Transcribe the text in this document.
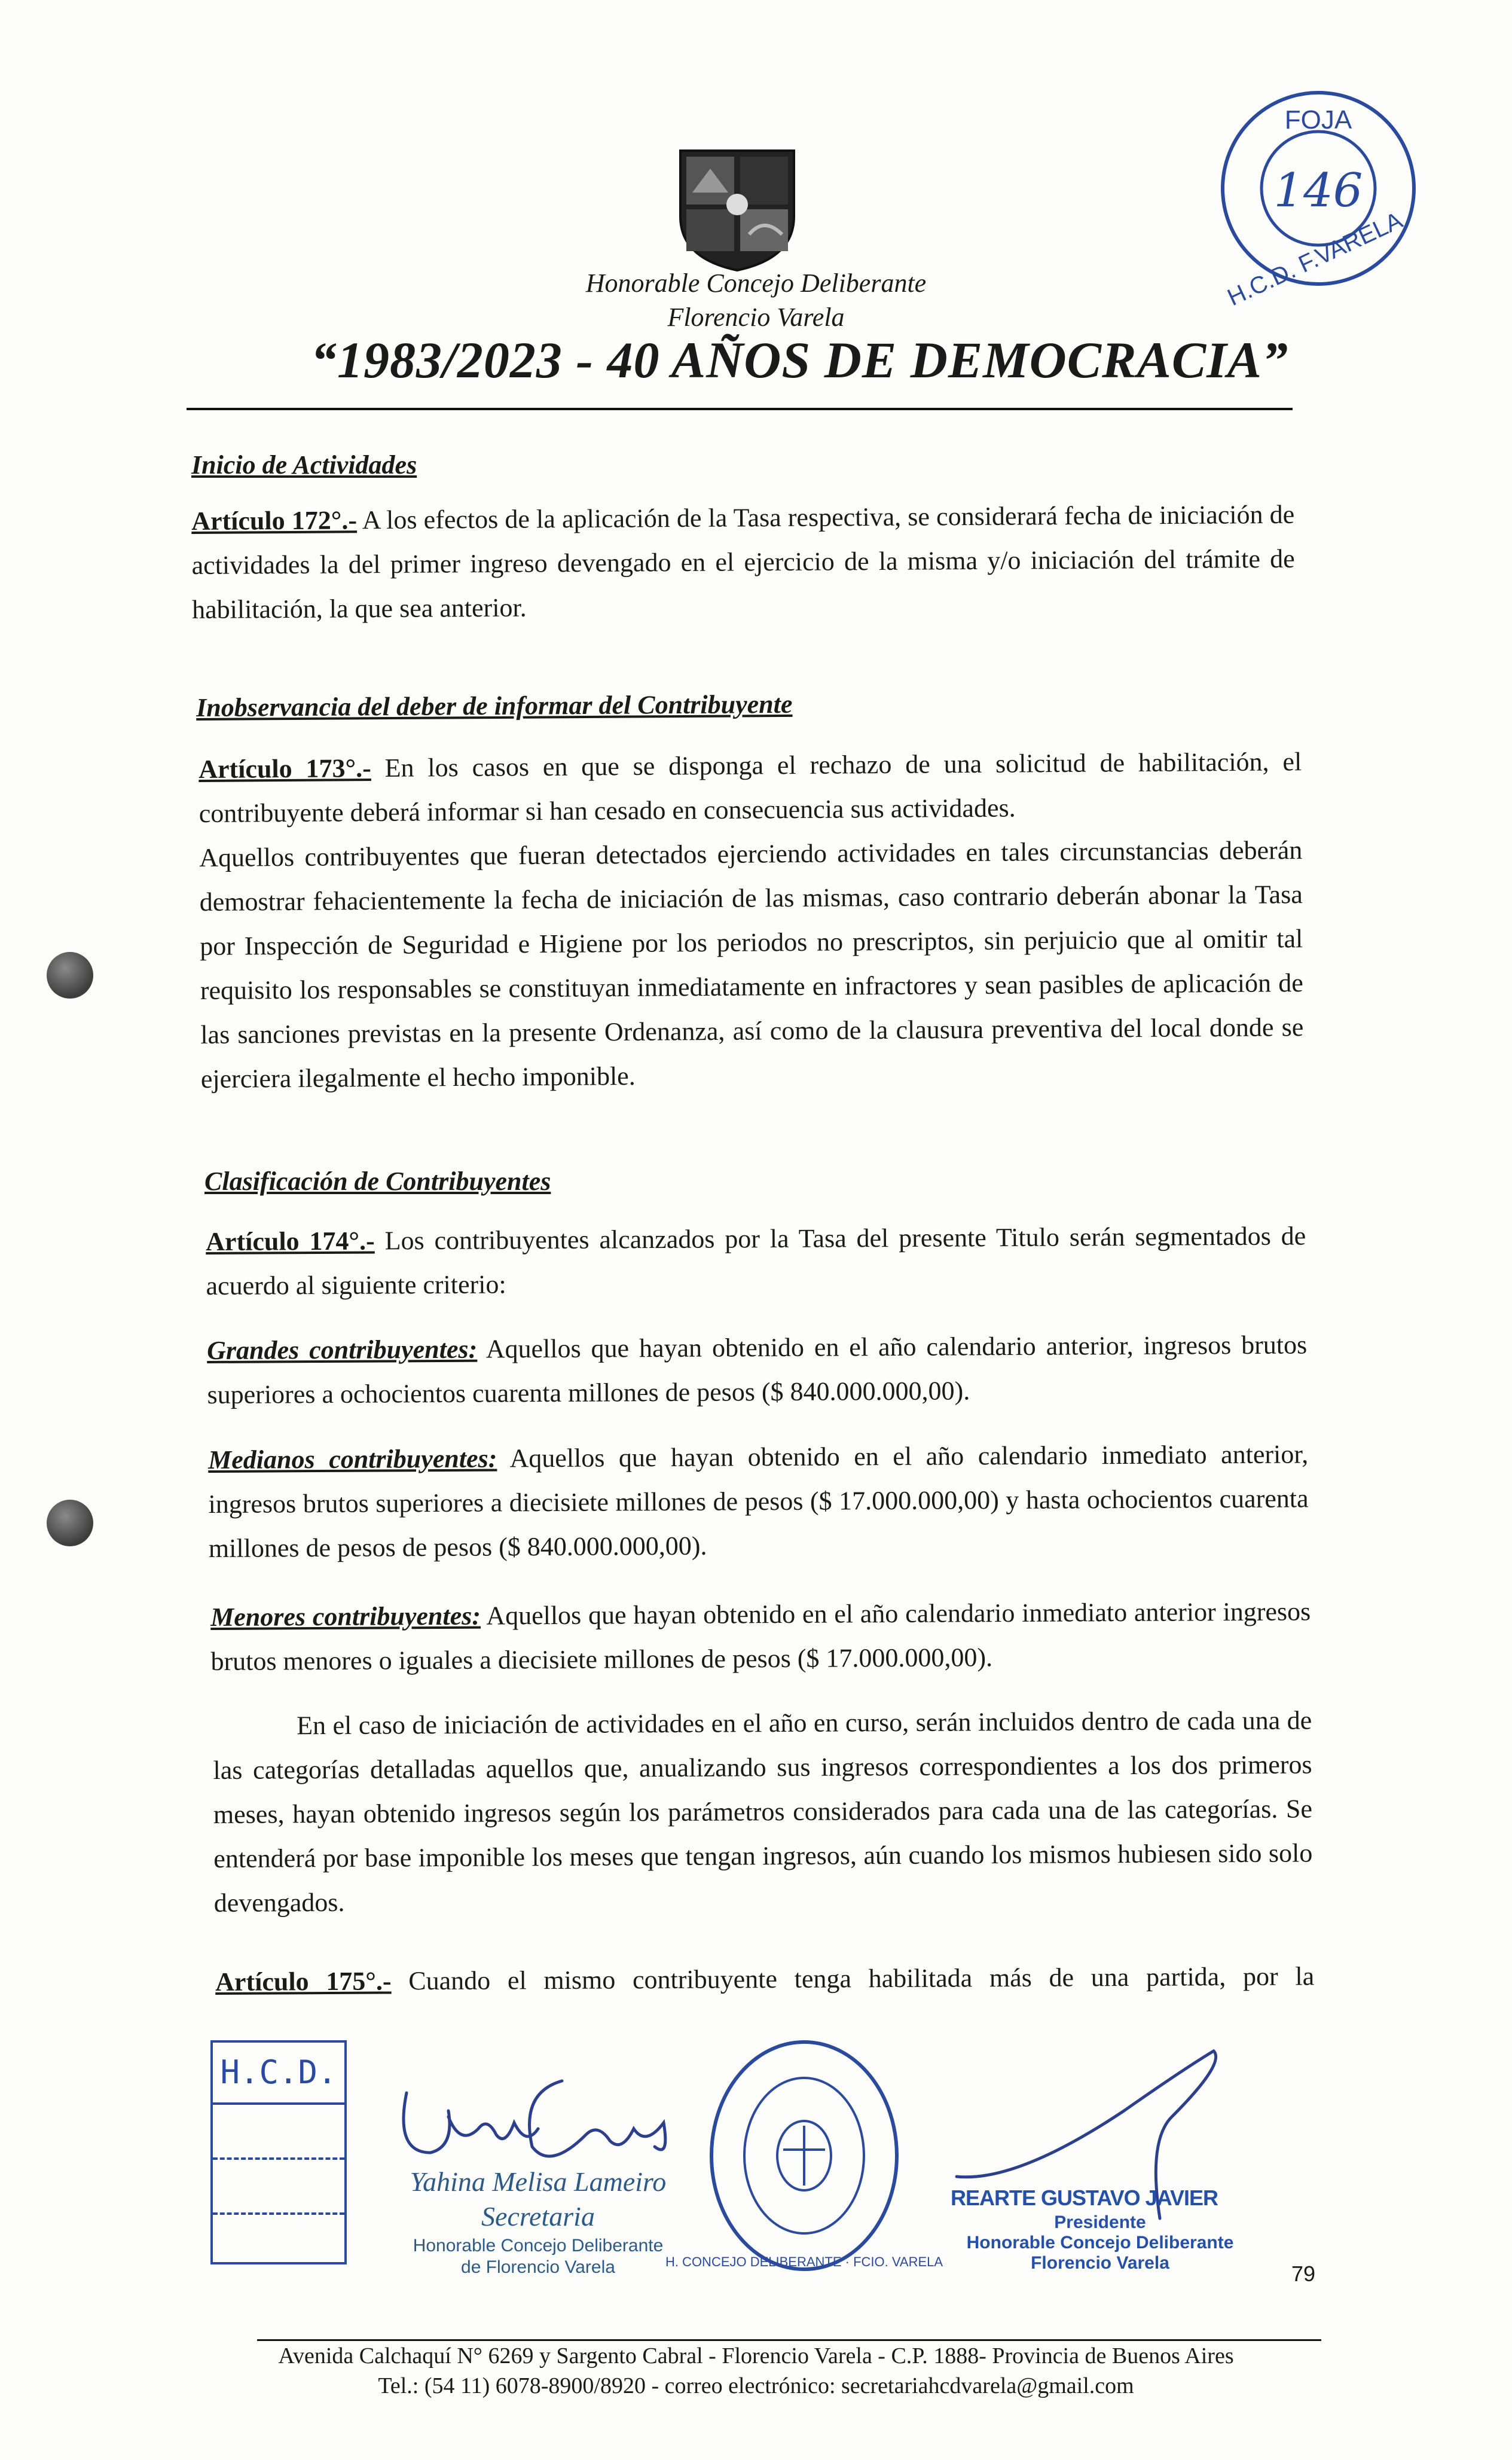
Honorable Concejo Deliberante
Florencio Varela
“1983/2023 - 40 AÑOS DE DEMOCRACIA”
FOJA
146
H.C.D. F.VARELA
Inicio de Actividades
Artículo 172°.- A los efectos de la aplicación de la Tasa respectiva, se considerará fecha de iniciación de actividades la del primer ingreso devengado en el ejercicio de la misma y/o iniciación del trámite de habilitación, la que sea anterior.
Inobservancia del deber de informar del Contribuyente
Artículo 173°.- En los casos en que se disponga el rechazo de una solicitud de habilitación, el contribuyente deberá informar si han cesado en consecuencia sus actividades.
Aquellos contribuyentes que fueran detectados ejerciendo actividades en tales circunstancias deberán demostrar fehacientemente la fecha de iniciación de las mismas, caso contrario deberán abonar la Tasa por Inspección de Seguridad e Higiene por los periodos no prescriptos, sin perjuicio que al omitir tal requisito los responsables se constituyan inmediatamente en infractores y sean pasibles de aplicación de las sanciones previstas en la presente Ordenanza, así como de la clausura preventiva del local donde se ejerciera ilegalmente el hecho imponible.
Clasificación de Contribuyentes
Artículo 174°.- Los contribuyentes alcanzados por la Tasa del presente Titulo serán segmentados de acuerdo al siguiente criterio:
Grandes contribuyentes: Aquellos que hayan obtenido en el año calendario anterior, ingresos brutos superiores a ochocientos cuarenta millones de pesos ($ 840.000.000,00).
Medianos contribuyentes: Aquellos que hayan obtenido en el año calendario inmediato anterior, ingresos brutos superiores a diecisiete millones de pesos ($ 17.000.000,00) y hasta ochocientos cuarenta millones de pesos de pesos ($ 840.000.000,00).
Menores contribuyentes: Aquellos que hayan obtenido en el año calendario inmediato anterior ingresos brutos menores o iguales a diecisiete millones de pesos ($ 17.000.000,00).
En el caso de iniciación de actividades en el año en curso, serán incluidos dentro de cada una de las categorías detalladas aquellos que, anualizando sus ingresos correspondientes a los dos primeros meses, hayan obtenido ingresos según los parámetros considerados para cada una de las categorías. Se entenderá por base imponible los meses que tengan ingresos, aún cuando los mismos hubiesen sido solo devengados.
Artículo 175°.- Cuando el mismo contribuyente tenga habilitada más de una partida, por la
H.C.D.
Yahina Melisa Lameiro
Secretaria
Honorable Concejo Deliberante
de Florencio Varela	H. CONCEJO DELIBERANTE · FCIO. VARELA
REARTE GUSTAVO JAVIER
Presidente
Honorable Concejo Deliberante
Florencio Varela	79
Avenida Calchaquí N° 6269 y Sargento Cabral - Florencio Varela - C.P. 1888- Provincia de Buenos Aires
Tel.: (54 11) 6078-8900/8920 - correo electrónico: secretariahcdvarela@gmail.com
